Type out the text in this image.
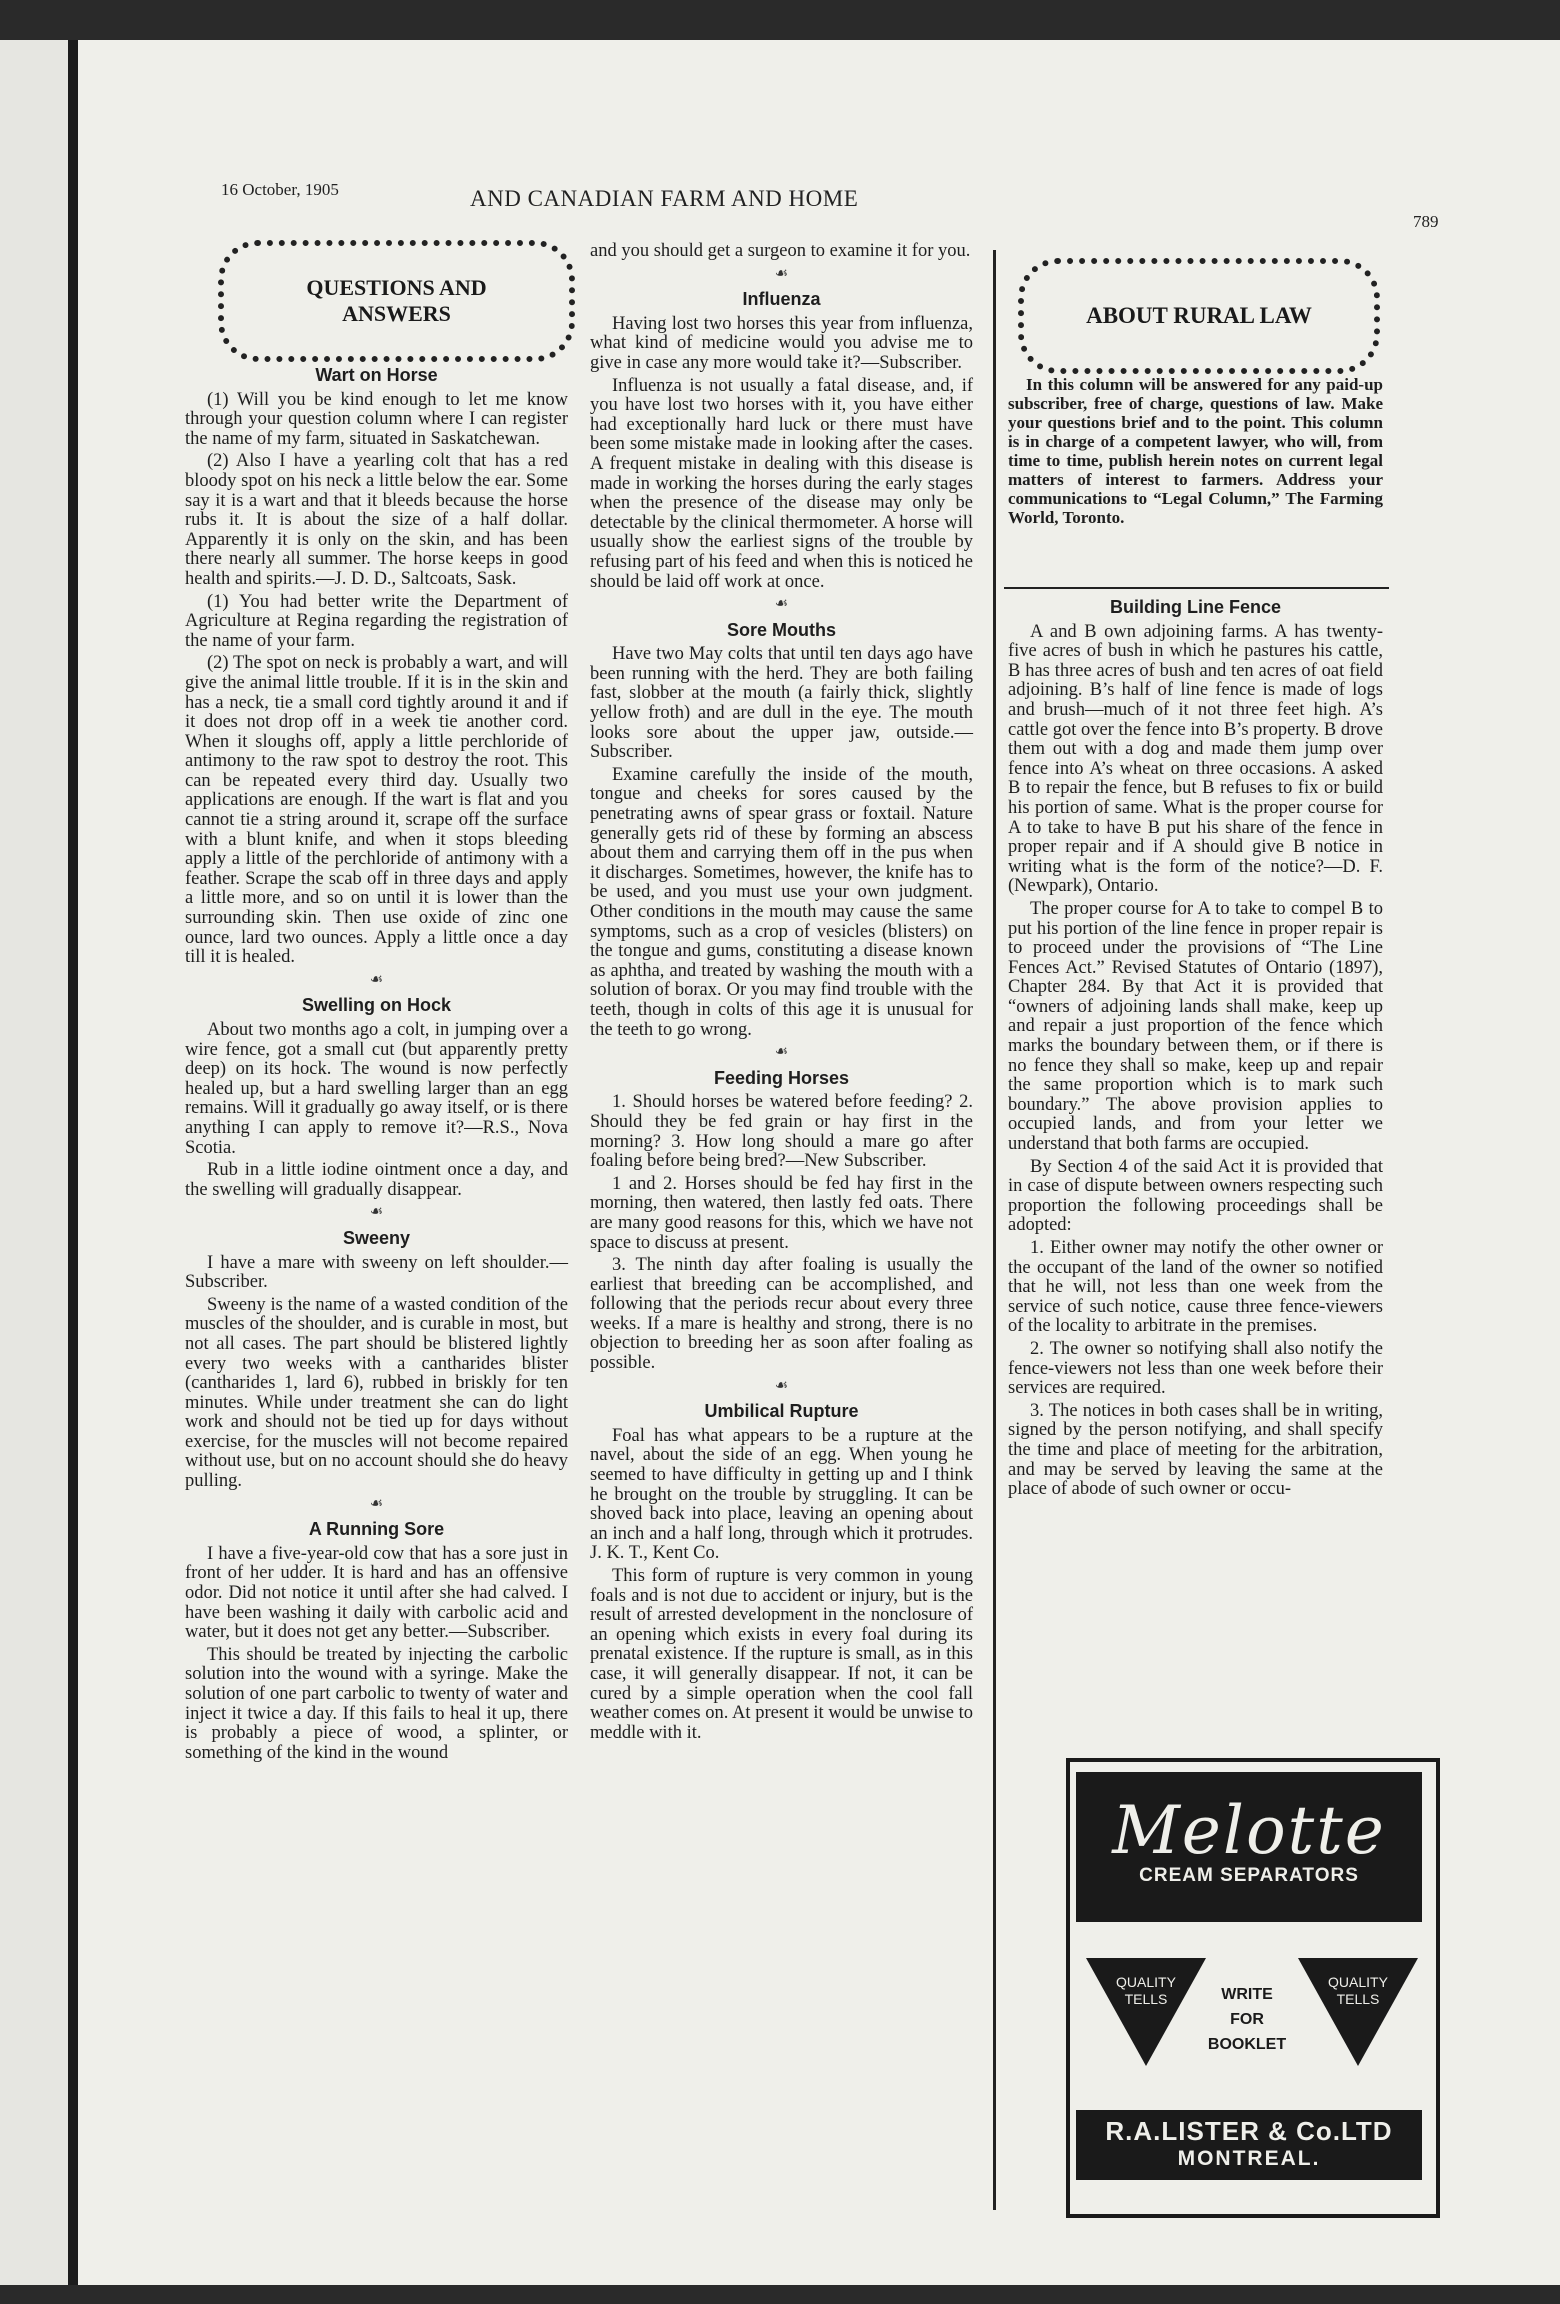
16 October, 1905	AND CANADIAN FARM AND HOME
789
QUESTIONS AND ANSWERS
Wart on Horse

(1) Will you be kind enough to let me know through your question column where I can register the name of my farm, situated in Saskatchewan.

(2) Also I have a yearling colt that has a red bloody spot on his neck a little below the ear. Some say it is a wart and that it bleeds because the horse rubs it. It is about the size of a half dollar. Apparently it is only on the skin, and has been there nearly all summer. The horse keeps in good health and spirits.—J. D. D., Saltcoats, Sask.

(1) You had better write the Department of Agriculture at Regina regarding the registration of the name of your farm.

(2) The spot on neck is probably a wart, and will give the animal little trouble. If it is in the skin and has a neck, tie a small cord tightly around it and if it does not drop off in a week tie another cord. When it sloughs off, apply a little perchloride of antimony to the raw spot to destroy the root. This can be repeated every third day. Usually two applications are enough. If the wart is flat and you cannot tie a string around it, scrape off the surface with a blunt knife, and when it stops bleeding apply a little of the perchloride of antimony with a feather. Scrape the scab off in three days and apply a little more, and so on until it is lower than the surrounding skin. Then use oxide of zinc one ounce, lard two ounces. Apply a little once a day till it is healed.

☙
Swelling on Hock

About two months ago a colt, in jumping over a wire fence, got a small cut (but apparently pretty deep) on its hock. The wound is now perfectly healed up, but a hard swelling larger than an egg remains. Will it gradually go away itself, or is there anything I can apply to remove it?—R.S., Nova Scotia.

Rub in a little iodine ointment once a day, and the swelling will gradually disappear.

☙
Sweeny

I have a mare with sweeny on left shoulder.—Subscriber.

Sweeny is the name of a wasted condition of the muscles of the shoulder, and is curable in most, but not all cases. The part should be blistered lightly every two weeks with a cantharides blister (cantharides 1, lard 6), rubbed in briskly for ten minutes. While under treatment she can do light work and should not be tied up for days without exercise, for the muscles will not become repaired without use, but on no account should she do heavy pulling.

☙
A Running Sore

I have a five-year-old cow that has a sore just in front of her udder. It is hard and has an offensive odor. Did not notice it until after she had calved. I have been washing it daily with carbolic acid and water, but it does not get any better.—Subscriber.

This should be treated by injecting the carbolic solution into the wound with a syringe. Make the solution of one part carbolic to twenty of water and inject it twice a day. If this fails to heal it up, there is probably a piece of wood, a splinter, or something of the kind in the wound

and you should get a surgeon to examine it for you.

☙
Influenza

Having lost two horses this year from influenza, what kind of medicine would you advise me to give in case any more would take it?—Subscriber.

Influenza is not usually a fatal disease, and, if you have lost two horses with it, you have either had exceptionally hard luck or there must have been some mistake made in looking after the cases. A frequent mistake in dealing with this disease is made in working the horses during the early stages when the presence of the disease may only be detectable by the clinical thermometer. A horse will usually show the earliest signs of the trouble by refusing part of his feed and when this is noticed he should be laid off work at once.

☙
Sore Mouths

Have two May colts that until ten days ago have been running with the herd. They are both failing fast, slobber at the mouth (a fairly thick, slightly yellow froth) and are dull in the eye. The mouth looks sore about the upper jaw, outside.—Subscriber.

Examine carefully the inside of the mouth, tongue and cheeks for sores caused by the penetrating awns of spear grass or foxtail. Nature generally gets rid of these by forming an abscess about them and carrying them off in the pus when it discharges. Sometimes, however, the knife has to be used, and you must use your own judgment. Other conditions in the mouth may cause the same symptoms, such as a crop of vesicles (blisters) on the tongue and gums, constituting a disease known as aphtha, and treated by washing the mouth with a solution of borax. Or you may find trouble with the teeth, though in colts of this age it is unusual for the teeth to go wrong.

☙
Feeding Horses

1. Should horses be watered before feeding? 2. Should they be fed grain or hay first in the morning? 3. How long should a mare go after foaling before being bred?—New Subscriber.

1 and 2. Horses should be fed hay first in the morning, then watered, then lastly fed oats. There are many good reasons for this, which we have not space to discuss at present.

3. The ninth day after foaling is usually the earliest that breeding can be accomplished, and following that the periods recur about every three weeks. If a mare is healthy and strong, there is no objection to breeding her as soon after foaling as possible.

☙
Umbilical Rupture

Foal has what appears to be a rupture at the navel, about the side of an egg. When young he seemed to have difficulty in getting up and I think he brought on the trouble by struggling. It can be shoved back into place, leaving an opening about an inch and a half long, through which it protrudes. J. K. T., Kent Co.

This form of rupture is very common in young foals and is not due to accident or injury, but is the result of arrested development in the nonclosure of an opening which exists in every foal during its prenatal existence. If the rupture is small, as in this case, it will generally disappear. If not, it can be cured by a simple operation when the cool fall weather comes on. At present it would be unwise to meddle with it.

ABOUT RURAL LAW

In this column will be answered for any paid-up subscriber, free of charge, questions of law. Make your questions brief and to the point. This column is in charge of a competent lawyer, who will, from time to time, publish herein notes on current legal matters of interest to farmers. Address your communications to “Legal Column,” The Farming World, Toronto.

Building Line Fence

A and B own adjoining farms. A has twenty-five acres of bush in which he pastures his cattle, B has three acres of bush and ten acres of oat field adjoining. B’s half of line fence is made of logs and brush—much of it not three feet high. A’s cattle got over the fence into B’s property. B drove them out with a dog and made them jump over fence into A’s wheat on three occasions. A asked B to repair the fence, but B refuses to fix or build his portion of same. What is the proper course for A to take to have B put his share of the fence in proper repair and if A should give B notice in writing what is the form of the notice?—D. F. (Newpark), Ontario.

The proper course for A to take to compel B to put his portion of the line fence in proper repair is to proceed under the provisions of “The Line Fences Act.” Revised Statutes of Ontario (1897), Chapter 284. By that Act it is provided that “owners of adjoining lands shall make, keep up and repair a just proportion of the fence which marks the boundary between them, or if there is no fence they shall so make, keep up and repair the same proportion which is to mark such boundary.” The above provision applies to occupied lands, and from your letter we understand that both farms are occupied.

By Section 4 of the said Act it is provided that in case of dispute between owners respecting such proportion the following proceedings shall be adopted:

1. Either owner may notify the other owner or the occupant of the land of the owner so notified that he will, not less than one week from the service of such notice, cause three fence-viewers of the locality to arbitrate in the premises.

2. The owner so notifying shall also notify the fence-viewers not less than one week before their services are required.

3. The notices in both cases shall be in writing, signed by the person notifying, and shall specify the time and place of meeting for the arbitration, and may be served by leaving the same at the place of abode of such owner or occu-

Melotte
CREAM SEPARATORS
QUALITY TELLS
QUALITY TELLS
WRITE
FOR
BOOKLET
R.A.LISTER & Co.LTD
MONTREAL.
